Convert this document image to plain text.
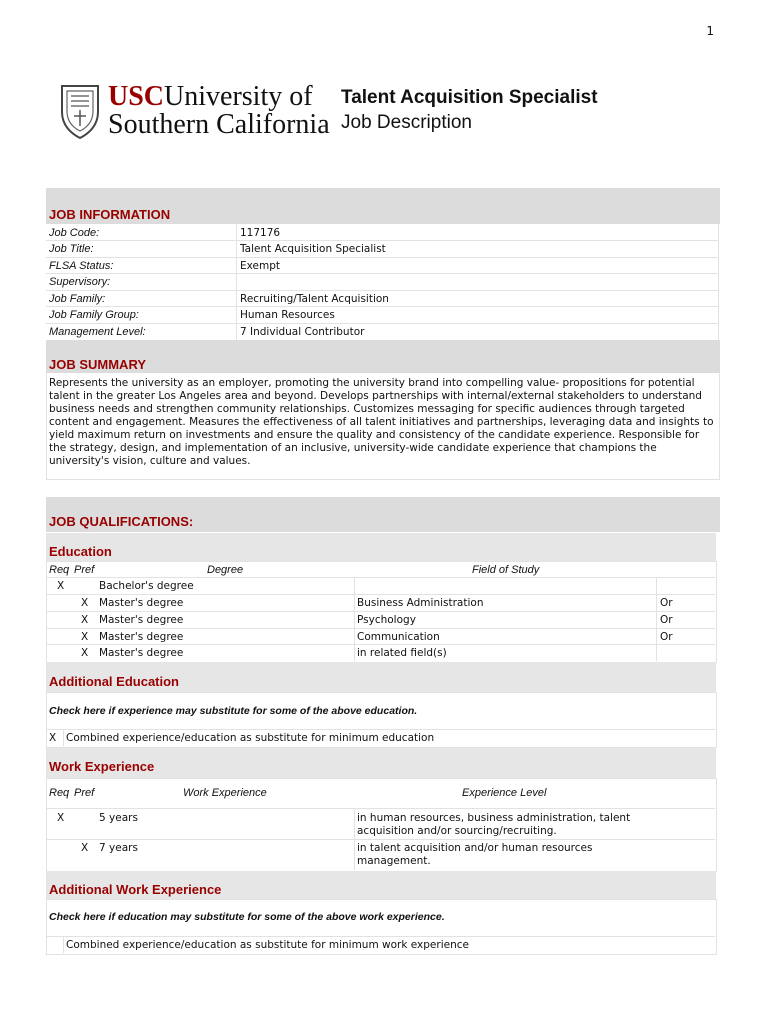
1
USCUniversity of
Southern California
Talent Acquisition Specialist
Job Description
JOB INFORMATION
Job Code:	117176
Job Title:	Talent Acquisition Specialist
FLSA Status:	Exempt
Supervisory:
Job Family:	Recruiting/Talent Acquisition
Job Family Group:	Human Resources
Management Level:	7 Individual Contributor
JOB SUMMARY
Represents the university as an employer, promoting the university brand into compelling value- propositions for potential talent in the greater Los Angeles area and beyond. Develops partnerships with internal/external stakeholders to understand business needs and strengthen community relationships. Customizes messaging for specific audiences through targeted content and engagement. Measures the effectiveness of all talent initiatives and partnerships, leveraging data and insights to yield maximum return on investments and ensure the quality and consistency of the candidate experience. Responsible for the strategy, design, and implementation of an inclusive, university-wide candidate experience that champions the university's vision, culture and values.
JOB QUALIFICATIONS:
Education
Req Pref	Degree	Field of Study
X	Bachelor's degree
X Master's degree	Business Administration	Or
X Master's degree	Psychology	Or
X Master's degree	Communication	Or
X Master's degree	in related field(s)
Additional Education
Check here if experience may substitute for some of the above education.
X Combined experience/education as substitute for minimum education
Work Experience
Req Pref	Work Experience	Experience Level
X	5 years	in human resources, business administration, talent acquisition and/or sourcing/recruiting.
X 7 years	in talent acquisition and/or human resources management.
Additional Work Experience
Check here if education may substitute for some of the above work experience.
Combined experience/education as substitute for minimum work experience
